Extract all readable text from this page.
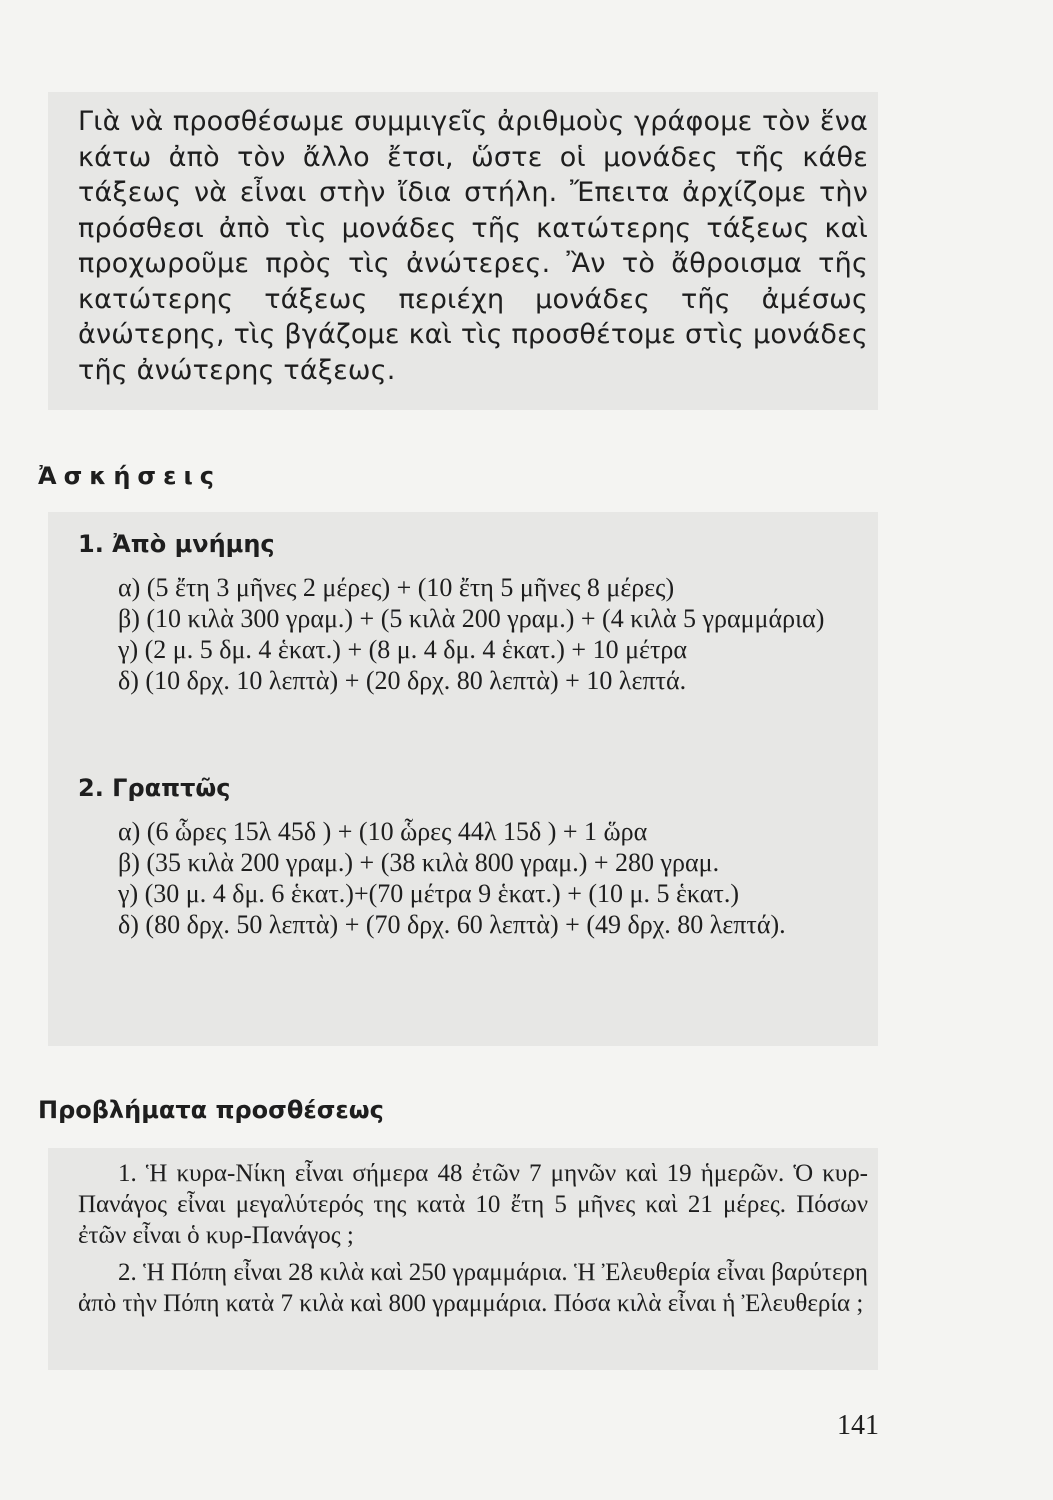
Γιὰ νὰ προσθέσωμε συμμιγεῖς ἀριθμοὺς γράφομε τὸν ἕνα κάτω ἀπὸ τὸν ἄλλο ἔτσι, ὥστε οἱ μονάδες τῆς κάθε τάξεως νὰ εἶναι στὴν ἴδια στήλη. Ἔπειτα ἀρχίζομε τὴν πρόσθεσι ἀπὸ τὶς μονάδες τῆς κατώτερης τάξεως καὶ προχωροῦμε πρὸς τὶς ἀνώτερες. Ἂν τὸ ἄθροισμα τῆς κατώτερης τάξεως περιέχη μονάδες τῆς ἀμέσως ἀνώτερης, τὶς βγάζομε καὶ τὶς προσθέτομε στὶς μονάδες τῆς ἀνώτερης τάξεως.

Ἀσκήσεις
1. Ἀπὸ μνήμης

α) (5 ἔτη 3 μῆνες 2 μέρες) + (10 ἔτη 5 μῆνες 8 μέρες)

β) (10 κιλὰ 300 γραμ.) + (5 κιλὰ 200 γραμ.) + (4 κιλὰ 5 γραμμάρια)

γ) (2 μ. 5 δμ. 4 ἑκατ.) + (8 μ. 4 δμ. 4 ἑκατ.) + 10 μέτρα

δ) (10 δρχ. 10 λεπτὰ) + (20 δρχ. 80 λεπτὰ) + 10 λεπτά.

2. Γραπτῶς

α) (6 ὧρες 15λ 45δ ) + (10 ὧρες 44λ 15δ ) + 1 ὥρα

β) (35 κιλὰ 200 γραμ.) + (38 κιλὰ 800 γραμ.) + 280 γραμ.

γ) (30 μ. 4 δμ. 6 ἑκατ.)+(70 μέτρα 9 ἑκατ.) + (10 μ. 5 ἑκατ.)

δ) (80 δρχ. 50 λεπτὰ) + (70 δρχ. 60 λεπτὰ) + (49 δρχ. 80 λεπτά).

Προβλήματα προσθέσεως

1. Ἡ κυρα-Νίκη εἶναι σήμερα 48 ἐτῶν 7 μηνῶν καὶ 19 ἡμερῶν. Ὁ κυρ-Πανάγος εἶναι μεγαλύτερός της κατὰ 10 ἔτη 5 μῆνες καὶ 21 μέρες. Πόσων ἐτῶν εἶναι ὁ κυρ-Πανάγος ;

2. Ἡ Πόπη εἶναι 28 κιλὰ καὶ 250 γραμμάρια. Ἡ Ἐλευθερία εἶναι βαρύτερη ἀπὸ τὴν Πόπη κατὰ 7 κιλὰ καὶ 800 γραμμάρια. Πόσα κιλὰ εἶναι ἡ Ἐλευθερία ;

141
